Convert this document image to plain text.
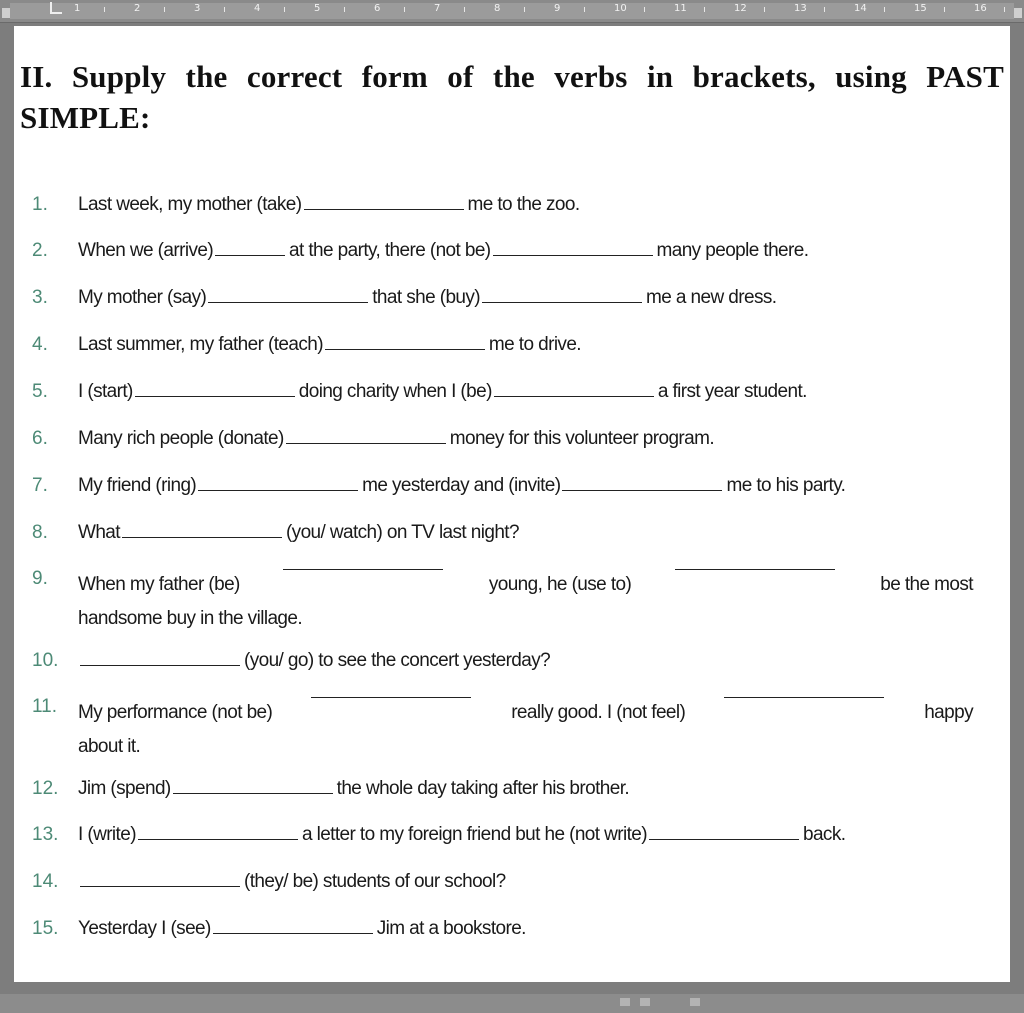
1	2	3	4	5	6	7	8	9	10	11	12	13	14	15	16
II. Supply the correct form of the verbs in brackets, using PAST SIMPLE:
1. Last week, my mother (take)	me to the zoo.
2. When we (arrive)	at the party, there (not be)	many people there.
3. My mother (say)	that she (buy)	me a new dress.
4. Last summer, my father (teach)	me to drive.
5. I (start)	doing charity when I (be)	a first year student.
6. Many rich people (donate)	money for this volunteer program.
7. My friend (ring)	me yesterday and (invite)	me to his party.
8. What	(you/ watch) on TV last night?
9. When my father (be)	young, he (use to)	be the most
handsome buy in the village.
10.	(you/ go) to see the concert yesterday?
11. My performance (not be)	really good. I (not feel)	happy
about it.
12. Jim (spend)	the whole day taking after his brother.
13. I (write)	a letter to my foreign friend but he (not write)	back.
14.	(they/ be) students of our school?
15. Yesterday I (see)	Jim at a bookstore.
